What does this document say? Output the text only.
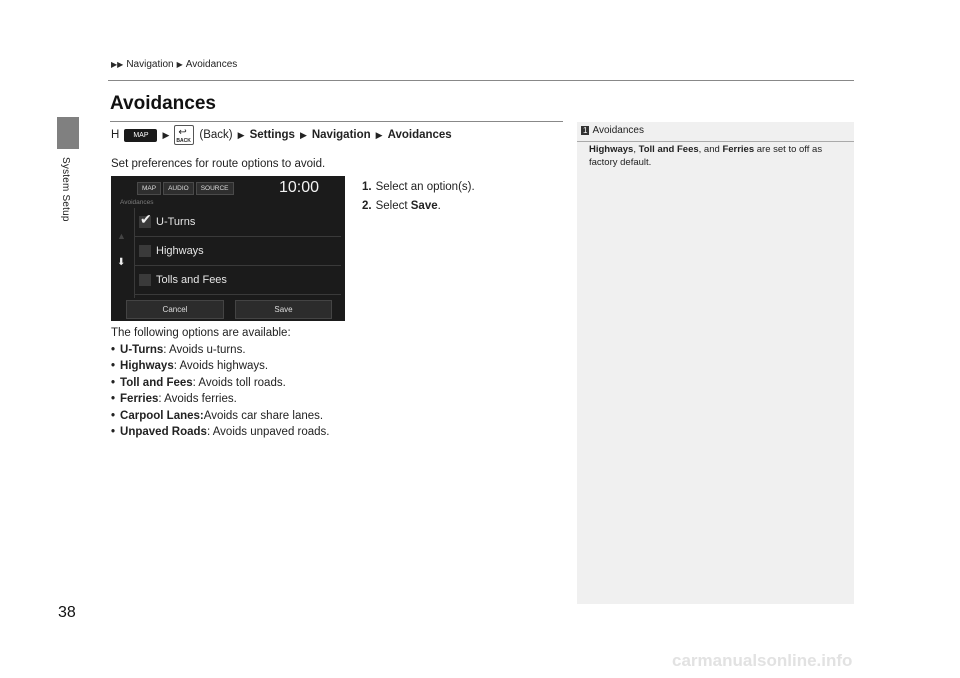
▶▶ Navigation ▶ Avoidances
System Setup
Avoidances
H	MAP	▶ ↩
BACK (Back) ▶ Settings ▶ Navigation ▶ Avoidances
Set preferences for route options to avoid.
1. Select an option(s).
2. Select Save.
MAP	AUDIO	SOURCE	10:00
Avoidances
▲
⬇
✔ U-Turns
Highways
Tolls and Fees
Cancel	Save
The following options are available:
• U-Turns : Avoids u-turns.
• Highways : Avoids highways.
• Toll and Fees : Avoids toll roads.
• Ferries : Avoids ferries.
• Carpool Lanes: Avoids car share lanes.
• Unpaved Roads : Avoids unpaved roads.
1 Avoidances
Highways, Toll and Fees, and Ferries are set to off as factory default.
38
carmanualsonline.info
